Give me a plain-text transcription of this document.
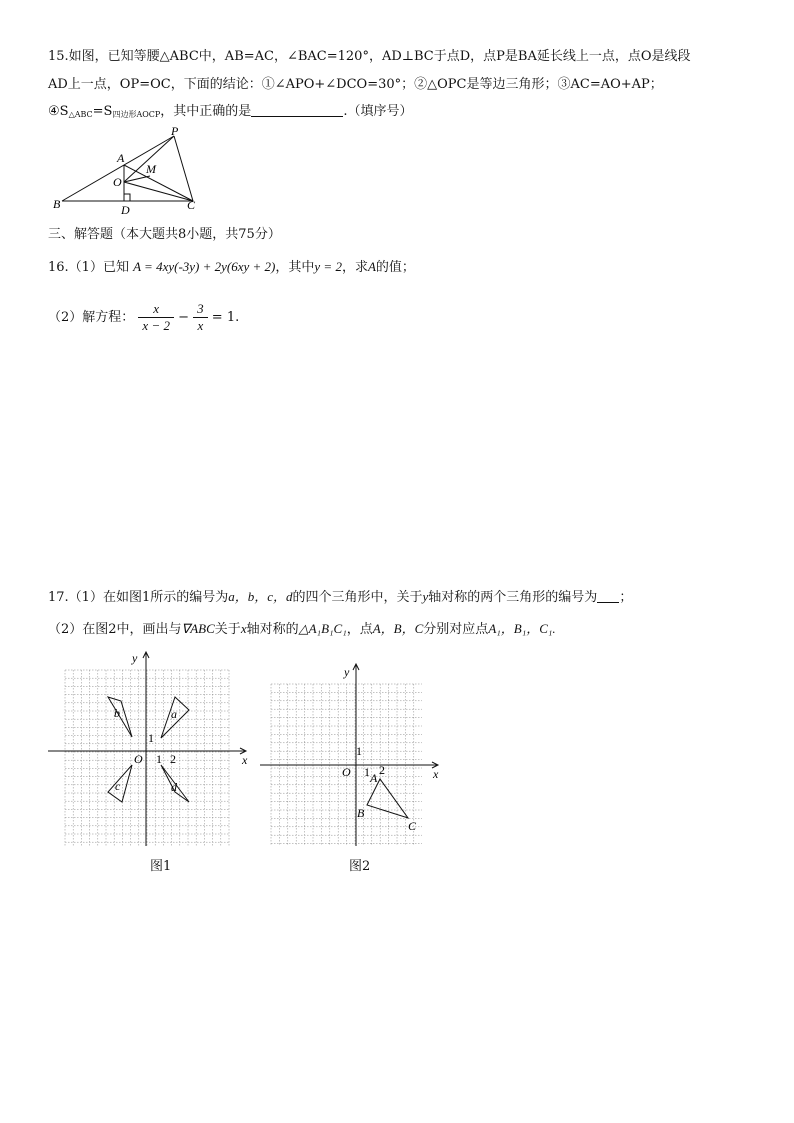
15.如图，已知等腰△ABC中，AB=AC，∠BAC=120°，AD⊥BC于点D，点P是BA延长线上一点，点O是线段
AD上一点，OP=OC，下面的结论：①∠APO+∠DCO=30°；②△OPC是等边三角形；③AC=AO+AP；
$④S_{\triangle ABC}=S_{四边形AOCP}$，其中正确的是	.（填序号）
P
A
M
O
B	D	C
三、解答题（本大题共8小题，共75分）
16.（1）已知 A = 4xy(-3y) + 2y(6xy + 2)，其中y = 2，求A的值；
（2）解方程： $\frac{x}{x - 2} - \frac{3}{x} = 1$.
17.（1）在如图1所示的编号为a，b，c，d的四个三角形中，关于y轴对称的两个三角形的编号为 ；
（2）在图2中，画出与∇ABC关于x轴对称的△A₁B₁C₁，点A，B，C分别对应点A₁，B₁，C₁.
x
y
O 1 2
1
b	a
c	d
图1
x
y
O 1 2
1
A
B
C
图2
